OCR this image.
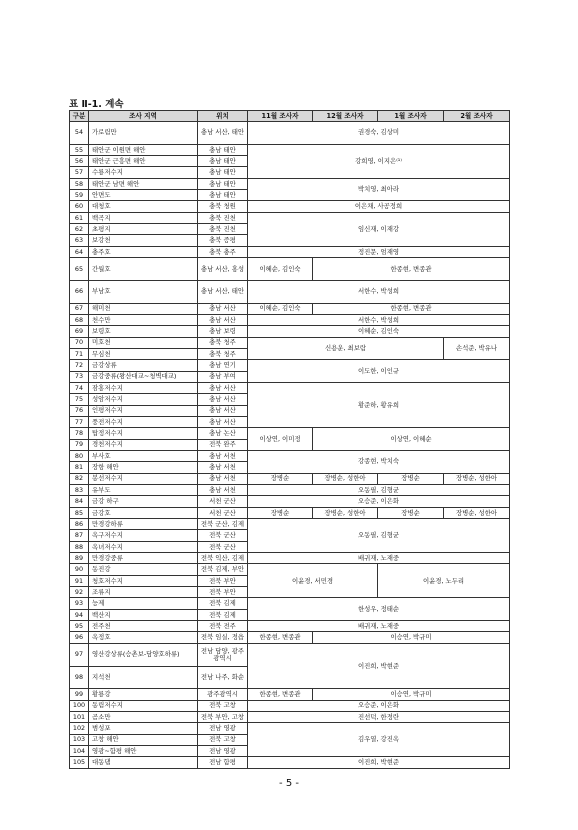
표 Ⅱ-1. 계속
구분	조사 지역	위치	11월 조사자	12월 조사자	1월 조사자	2월 조사자
54	가로림만	충남 서산, 태안	권경숙, 김상미			
55	태안군 이원면 해안	충남 태안	강희영, 이지은⁽¹⁾			
56	태안군 근흥면 해안	충남 태안				
57	수룡저수지	충남 태안				
58	태안군 남면 해안	충남 태안	박치영, 최아라			
59	안면도	충남 태안				
60	대청호	충북 청원	이은채, 사공정희			
61	백곡지	충북 진천	임신재, 이재강			
62	초평지	충북 진천				
63	보강천	충북 증평				
64	충주호	충북 충주	정진문, 엄재영			
65	간월호	충남 서산, 홍성	이혜순, 김인숙	한종현, 변종관		
66	부남호	충남 서산, 태안	서한수, 박성희			
67	해미천	충남 서산	이혜순, 김인숙	한종현, 변종관		
68	천수만	충남 서산	서한수, 박성희			
69	보령호	충남 보령	이혜순, 김인숙			
70	미호천	충북 청주	신용운, 최보람			손석준, 박유나
71	무심천	충북 청주				
72	금강상류	충남 연기	이도한, 이인규			
73	금강중류(왕산대교~청벽대교)	충남 부여				
74	잠홍저수지	충남 서산	황준하, 황유희			
75	성암저수지	충남 서산				
76	인평저수지	충남 서산				
77	풍전저수지	충남 서산				
78	탑정저수지	충남 논산	이상연, 이미정	이상연, 이혜순		
79	경천저수지	전북 완주				
80	부사호	충남 서천	강종현, 박치숙			
81	장항 해안	충남 서천				
82	봉선저수지	충남 서천	장병순	장병순, 성한아	장병순	장병순, 성한아
83	유부도	충남 서천	오동필, 김형균			
84	금강 하구	서천 군산	오승준, 이은화			
85	금강호	서천 군산	장병순	장병순, 성한아	장병순	장병순, 성한아
86	만경강하류	전북 군산, 김제	오동필, 김형균			
87	옥구저수지	전북 군산				
88	옥녀저수지	전북 군산				
89	만경강중류	전북 익산, 김제	배귀재, 노재중			
90	동진강	전북 김제, 부안	이윤경, 서민경		이윤경, 노두리	
91	청호저수지	전북 부안				
92	조류지	전북 부안				
93	능제	전북 김제	한성우, 정태순			
94	백산지	전북 김제				
95	전주천	전북 전주	배귀재, 노재중			
96	옥정호	전북 임실, 정읍	한종현, 변종관	이승연, 박규미		
97	영산강상류(승촌보-담양호하류)	전남 담양, 광주광역시	이진희, 박현준			
98	지석천	전남 나주, 화순				
99	황룡강	광주광역시	한종현, 변종관	이승연, 박규미		
100	동림저수지	전북 고창	오승준, 이은화			
101	곰소만	전북 부안, 고창	진선덕, 한정란			
102	범성포	전남 영광	김우열, 강진옥			
103	고창 해안	전북 고창				
104	영광~함평 해안	전남 영광				
105	대동댐	전남 함평	이진희, 박현준			
- 5 -
